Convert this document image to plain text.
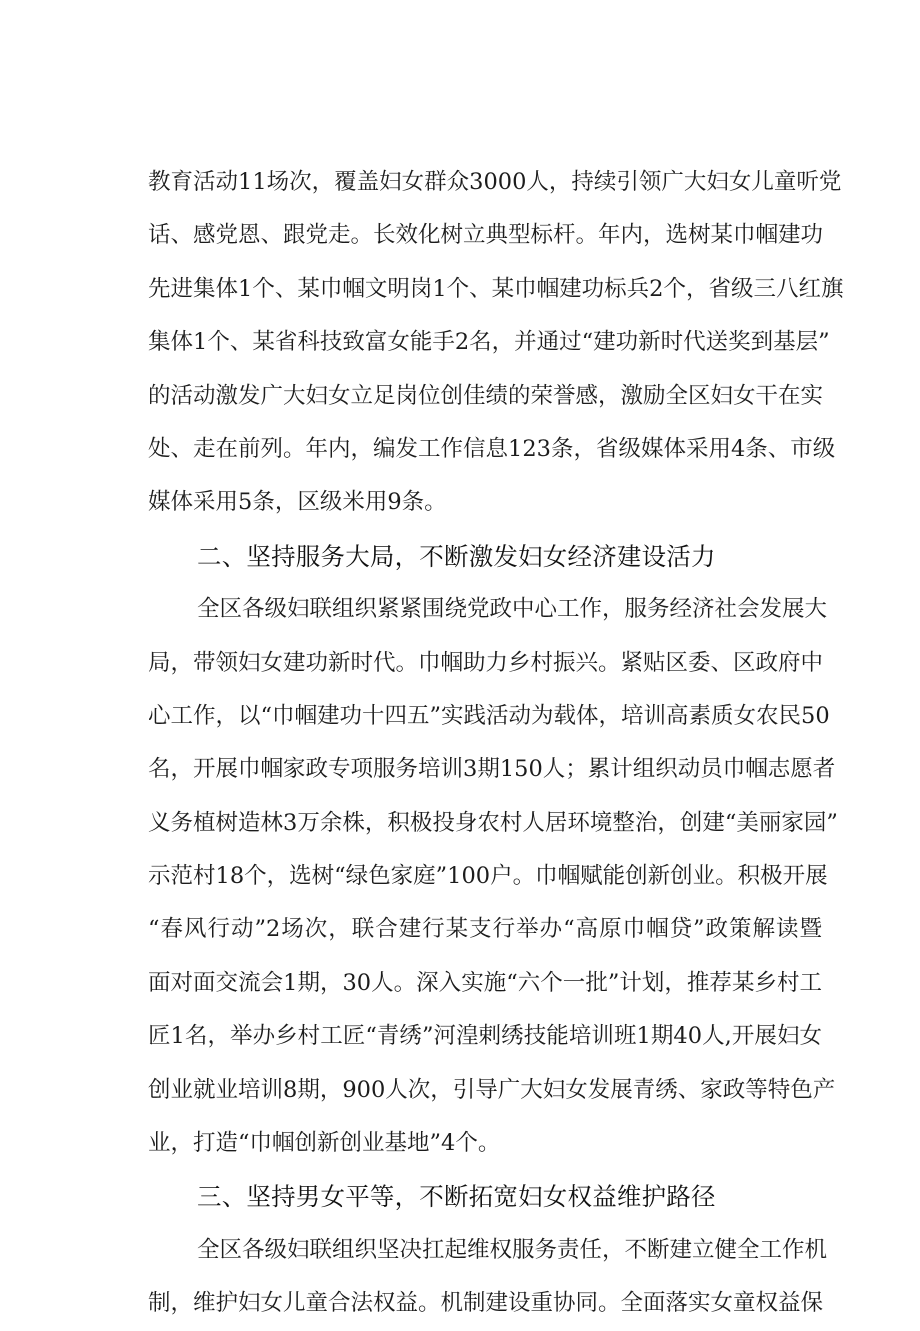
教育活动11场次，覆盖妇女群众3000人，持续引领广大妇女儿童听党
话、感党恩、跟党走。长效化树立典型标杆。年内，选树某巾帼建功
先进集体1个、某巾帼文明岗1个、某巾帼建功标兵2个，省级三八红旗
集体1个、某省科技致富女能手2名，并通过“建功新时代送奖到基层”
的活动激发广大妇女立足岗位创佳绩的荣誉感，激励全区妇女干在实
处、走在前列。年内，编发工作信息123条，省级媒体采用4条、市级
媒体采用5条，区级米用9条。
二、坚持服务大局，不断激发妇女经济建设活力
全区各级妇联组织紧紧围绕党政中心工作，服务经济社会发展大
局，带领妇女建功新时代。巾帼助力乡村振兴。紧贴区委、区政府中
心工作，以“巾帼建功十四五”实践活动为载体，培训高素质女农民50
名，开展巾帼家政专项服务培训3期150人；累计组织动员巾帼志愿者
义务植树造林3万余株，积极投身农村人居环境整治，创建“美丽家园”
示范村18个，选树“绿色家庭”100户。巾帼赋能创新创业。积极开展
“春风行动”2场次，联合建行某支行举办“高原巾帼贷”政策解读暨
面对面交流会1期，30人。深入实施“六个一批”计划，推荐某乡村工
匠1名，举办乡村工匠“青绣”河湟剌绣技能培训班1期40人,开展妇女
创业就业培训8期，900人次，引导广大妇女发展青绣、家政等特色产
业，打造“巾帼创新创业基地”4个。
三、坚持男女平等，不断拓宽妇女权益维护路径
全区各级妇联组织坚决扛起维权服务责任，不断建立健全工作机
制，维护妇女儿童合法权益。机制建设重协同。全面落实女童权益保
